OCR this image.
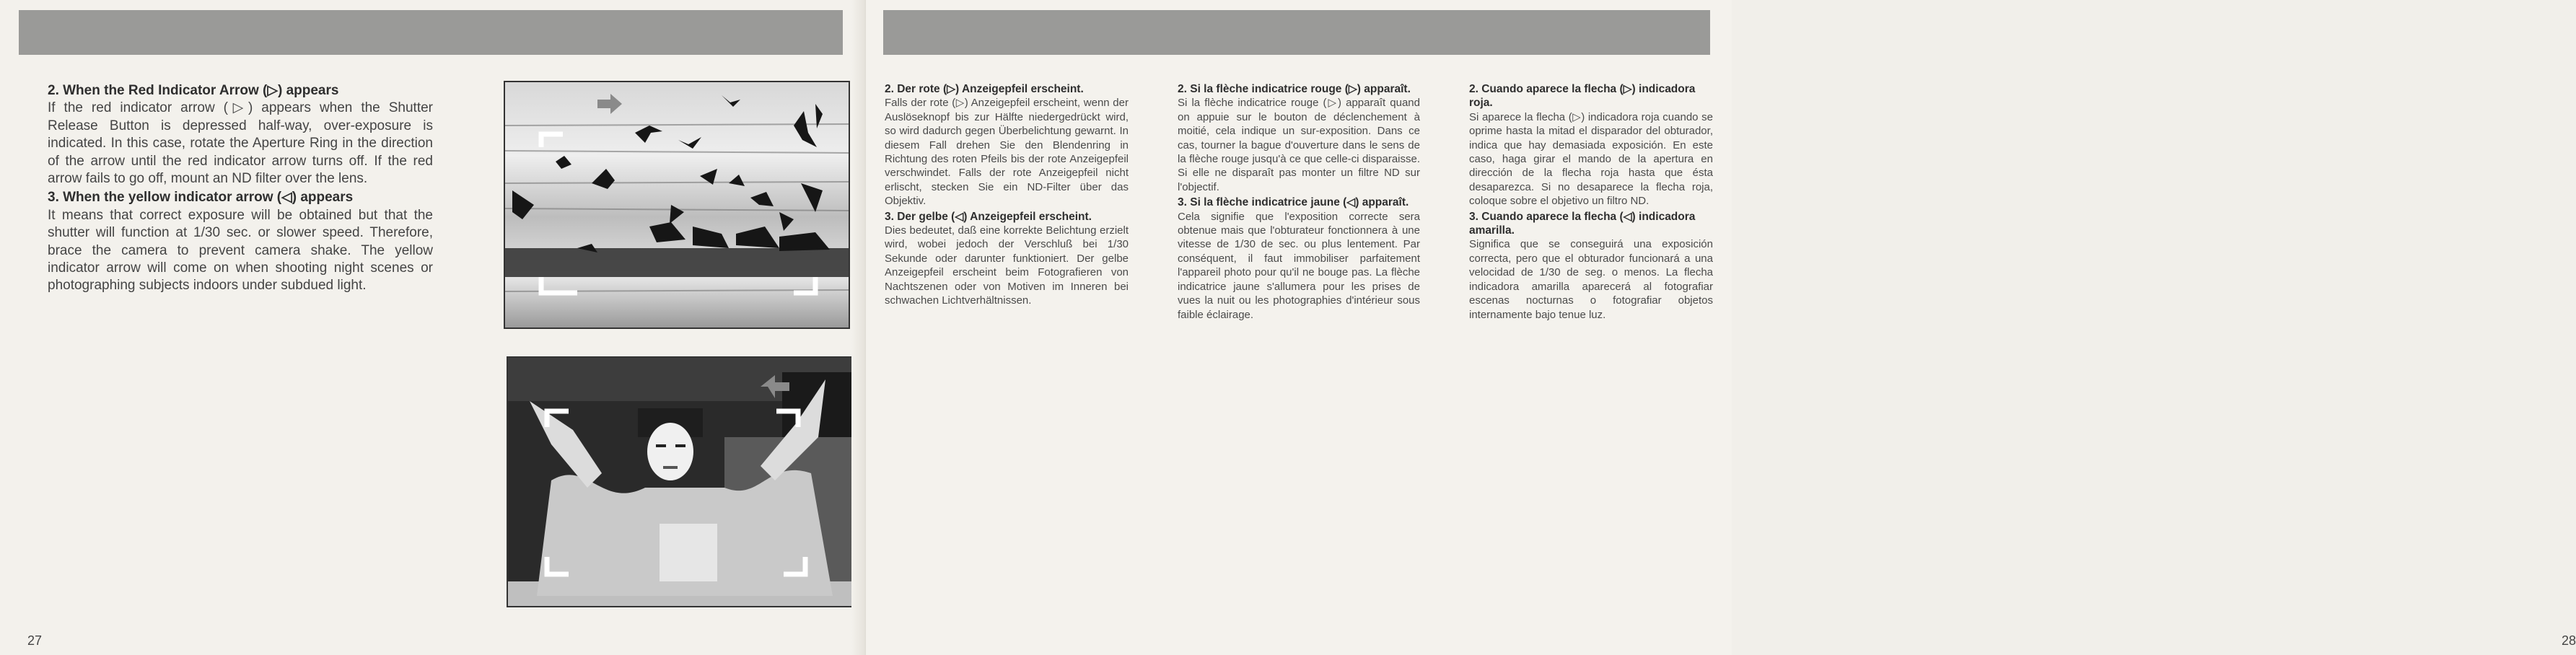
2. When the Red Indicator Arrow (▷) appears

If the red indicator arrow (▷) appears when the Shutter Release Button is depressed half-way, over-exposure is indicated. In this case, rotate the Aperture Ring in the direction of the arrow until the red indicator arrow turns off. If the red arrow fails to go off, mount an ND filter over the lens.

3. When the yellow indicator arrow (◁) appears

It means that correct exposure will be obtained but that the shutter will function at 1/30 sec. or slower speed. Therefore, brace the camera to prevent camera shake. The yellow indicator arrow will come on when shooting night scenes or photographing subjects indoors under subdued light.

27	28
2. Der rote (▷) Anzeigepfeil erscheint.

Falls der rote (▷) Anzeigepfeil erscheint, wenn der Auslöseknopf bis zur Hälfte niedergedrückt wird, so wird dadurch gegen Überbelichtung gewarnt. In diesem Fall drehen Sie den Blendenring in Richtung des roten Pfeils bis der rote Anzeigepfeil verschwindet. Falls der rote Anzeigepfeil nicht erlischt, stecken Sie ein ND-Filter über das Objektiv.

3. Der gelbe (◁) Anzeigepfeil erscheint.

Dies bedeutet, daß eine korrekte Belichtung erzielt wird, wobei jedoch der Verschluß bei 1/30 Sekunde oder darunter funktioniert. Der gelbe Anzeigepfeil erscheint beim Fotografieren von Nachtszenen oder von Motiven im Inneren bei schwachen Lichtverhältnissen.

2. Si la flèche indicatrice rouge (▷) apparaît.

Si la flèche indicatrice rouge (▷) apparaît quand on appuie sur le bouton de déclenchement à moitié, cela indique un sur-exposition. Dans ce cas, tourner la bague d'ouverture dans le sens de la flèche rouge jusqu'à ce que celle-ci disparaisse. Si elle ne disparaît pas monter un filtre ND sur l'objectif.

3. Si la flèche indicatrice jaune (◁) apparaît.

Cela signifie que l'exposition correcte sera obtenue mais que l'obturateur fonctionnera à une vitesse de 1/30 de sec. ou plus lentement. Par conséquent, il faut immobiliser parfaitement l'appareil photo pour qu'il ne bouge pas. La flèche indicatrice jaune s'allumera pour les prises de vues la nuit ou les photographies d'intérieur sous faible éclairage.

2. Cuando aparece la flecha (▷) indicadora roja.

Si aparece la flecha (▷) indicadora roja cuando se oprime hasta la mitad el disparador del obturador, indica que hay demasiada exposición. En este caso, haga girar el mando de la apertura en dirección de la flecha roja hasta que ésta desaparezca. Si no desaparece la flecha roja, coloque sobre el objetivo un filtro ND.

3. Cuando aparece la flecha (◁) indicadora amarilla.

Significa que se conseguirá una exposición correcta, pero que el obturador funcionará a una velocidad de 1/30 de seg. o menos. La flecha indicadora amarilla aparecerá al fotografiar escenas nocturnas o fotografiar objetos internamente bajo tenue luz.
